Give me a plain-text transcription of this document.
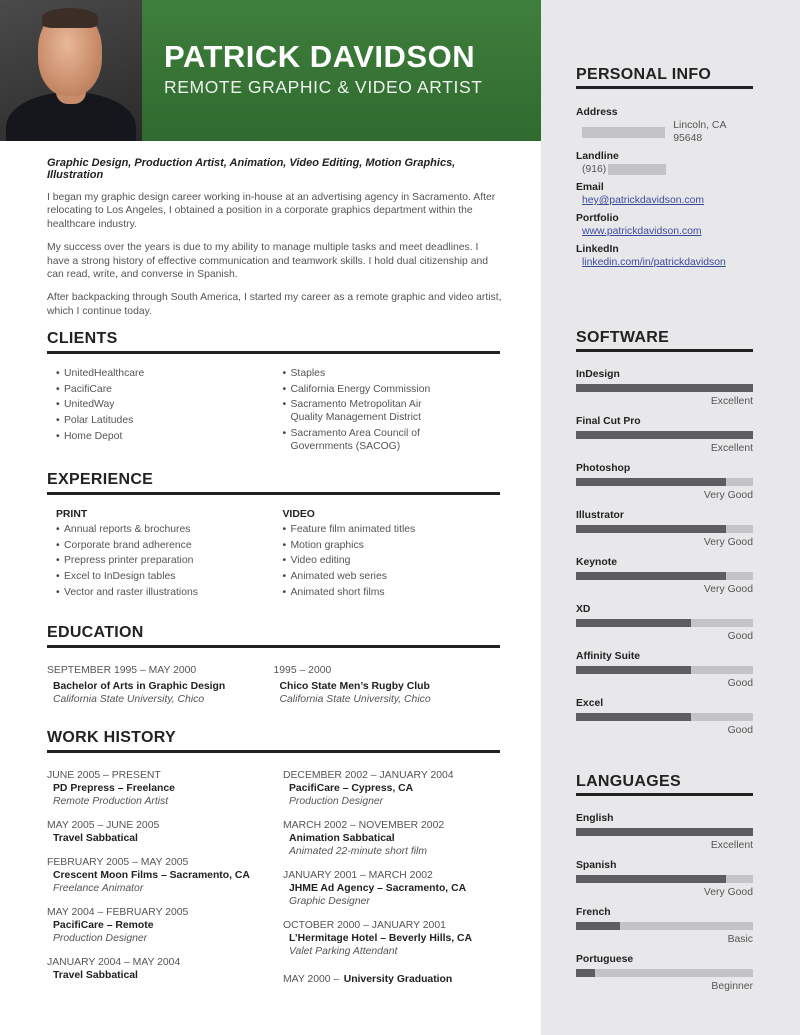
PATRICK DAVIDSON
REMOTE GRAPHIC & VIDEO ARTIST
Graphic Design, Production Artist, Animation, Video Editing, Motion Graphics, Illustration
I began my graphic design career working in-house at an advertising agency in Sacramento. After relocating to Los Angeles, I obtained a position in a corporate graphics department within the healthcare industry.
My success over the years is due to my ability to manage multiple tasks and meet deadlines. I have a strong history of effective communication and teamwork skills. I hold dual citizenship and can read, write, and converse in Spanish.
After backpacking through South America, I started my career as a remote graphic and video artist, which I continue today.
CLIENTS
• UnitedHealthcare
• PacifiCare
• UnitedWay
• Polar Latitudes
• Home Depot
• Staples
• California Energy Commission
• Sacramento Metropolitan Air Quality Management District
• Sacramento Area Council of Governments (SACOG)
EXPERIENCE
PRINT
• Annual reports & brochures
• Corporate brand adherence
• Prepress printer preparation
• Excel to InDesign tables
• Vector and raster illustrations
VIDEO
• Feature film animated titles
• Motion graphics
• Video editing
• Animated web series
• Animated short films
EDUCATION
SEPTEMBER 1995 – MAY 2000
Bachelor of Arts in Graphic Design
California State University, Chico
1995 – 2000
Chico State Men’s Rugby Club
California State University, Chico
WORK HISTORY
JUNE 2005 – PRESENT
PD Prepress – Freelance
Remote Production Artist
MAY 2005 – JUNE 2005
Travel Sabbatical
FEBRUARY 2005 – MAY 2005
Crescent Moon Films – Sacramento, CA
Freelance Animator
MAY 2004 – FEBRUARY 2005
PacifiCare – Remote
Production Designer
JANUARY 2004 – MAY 2004
Travel Sabbatical
DECEMBER 2002 – JANUARY 2004
PacifiCare – Cypress, CA
Production Designer
MARCH 2002 – NOVEMBER 2002
Animation Sabbatical
Animated 22-minute short film
JANUARY 2001 – MARCH 2002
JHME Ad Agency – Sacramento, CA
Graphic Designer
OCTOBER 2000 – JANUARY 2001
L’Hermitage Hotel – Beverly Hills, CA
Valet Parking Attendant
MAY 2000 – University Graduation
PERSONAL INFO
Address
Lincoln, CA 95648
Landline
(916)
Email
hey@patrickdavidson.com
Portfolio
www.patrickdavidson.com
LinkedIn
linkedin.com/in/patrickdavidson
SOFTWARE
InDesign
Excellent
Final Cut Pro
Excellent
Photoshop
Very Good
Illustrator
Very Good
Keynote
Very Good
XD
Good
Affinity Suite
Good
Excel
Good
LANGUAGES
English
Excellent
Spanish
Very Good
French
Basic
Portuguese
Beginner
